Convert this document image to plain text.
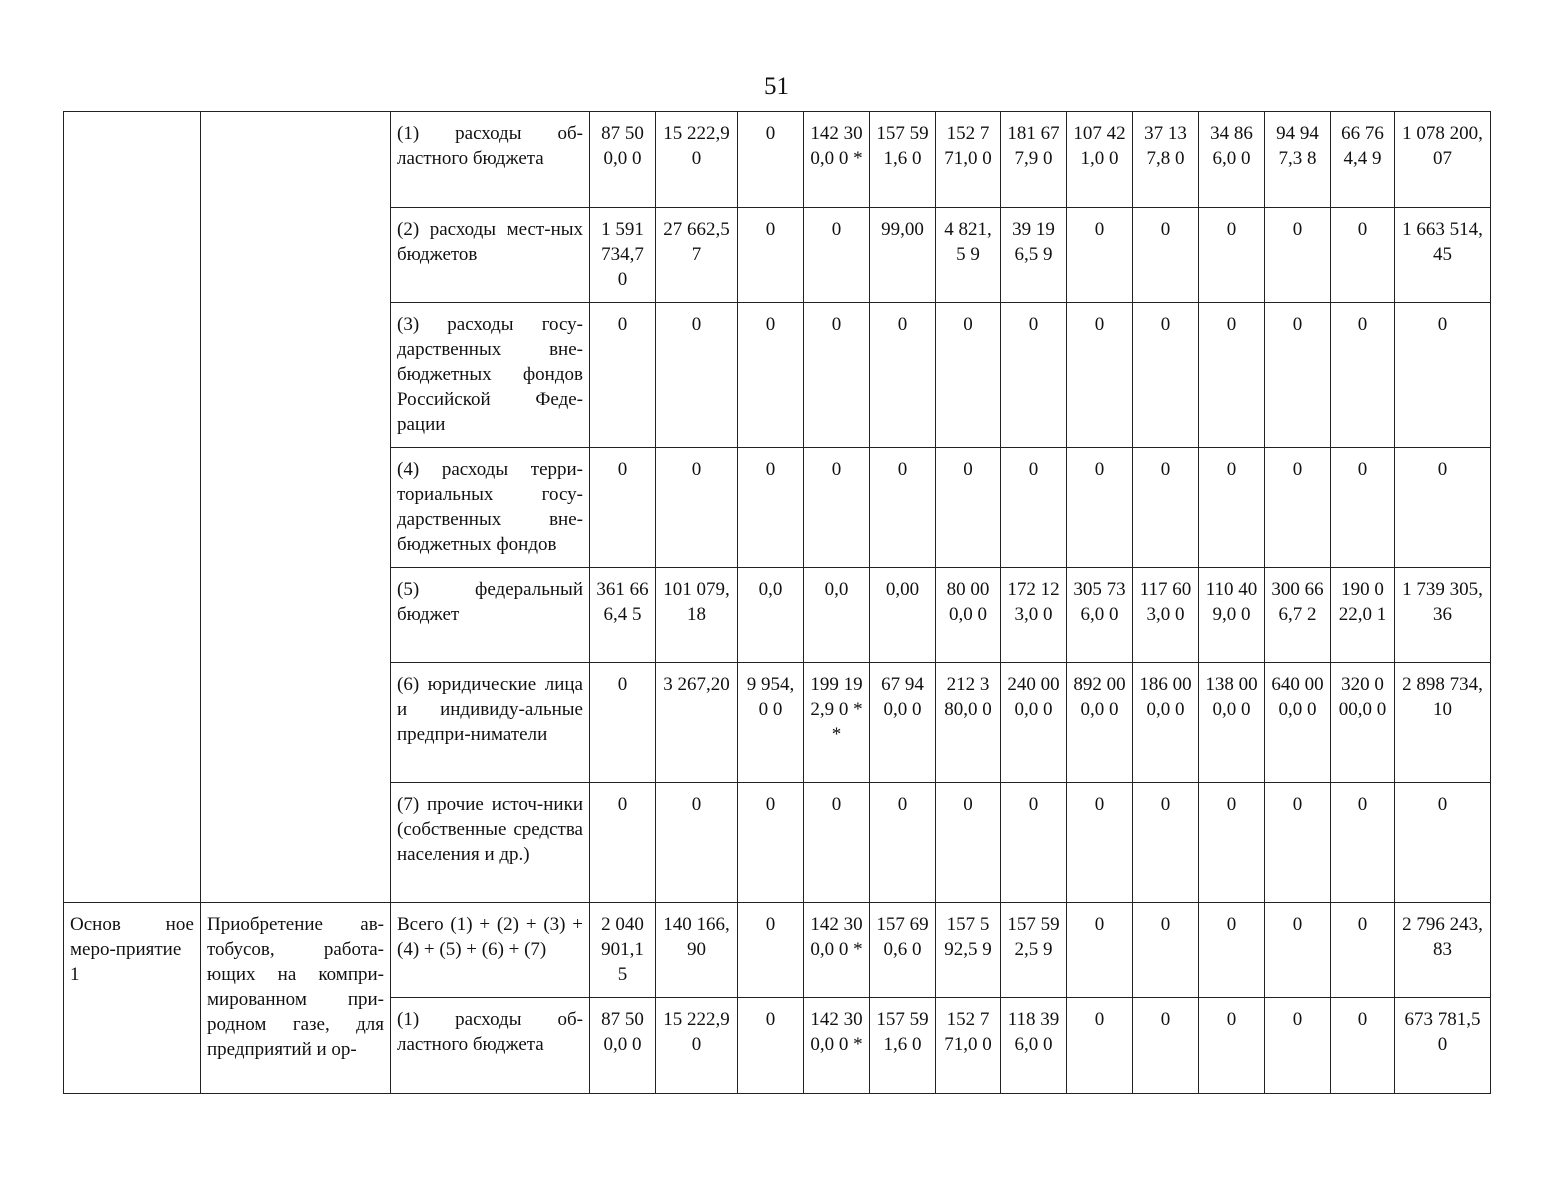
51
		(1) расходы об-ластного бюджета	87 500,0 0	15 222,90	0	142 300,0 0 *	157 591,6 0	152 771,0 0	181 677,9 0	107 421,0 0	37 137,8 0	34 866,0 0	94 947,3 8	66 764,4 9	1 078 200,07
		(2) расходы мест-ных бюджетов	1 591 734,7 0	27 662,57	0	0	99,00	4 821,5 9	39 196,5 9	0	0	0	0	0	1 663 514,45
		(3) расходы госу-дарственных вне-бюджетных фондов Российской Феде-рации	0	0	0	0	0	0	0	0	0	0	0	0	0
		(4) расходы терри-ториальных госу-дарственных вне-бюджетных фондов	0	0	0	0	0	0	0	0	0	0	0	0	0
		(5) федеральный бюджет	361 666,4 5	101 079,18	0,0	0,0	0,00	80 000,0 0	172 123,0 0	305 736,0 0	117 603,0 0	110 409,0 0	300 666,7 2	190 022,0 1	1 739 305,36
		(6) юридические лица и индивиду-альные предпри-ниматели	0	3 267,20	9 954,0 0	199 192,9 0 **	67 940,0 0	212 380,0 0	240 000,0 0	892 000,0 0	186 000,0 0	138 000,0 0	640 000,0 0	320 000,0 0	2 898 734,10
		(7) прочие источ-ники (собственные средства населения и др.)	0	0	0	0	0	0	0	0	0	0	0	0	0
Основ ное меро-приятие 1	Приобретение ав-тобусов, работа-ющих на компри-мированном при-родном газе, для предприятий и ор-	Всего (1) + (2) + (3) + (4) + (5) + (6) + (7)	2 040 901,1 5	140 166,90	0	142 300,0 0 *	157 690,6 0	157 592,5 9	157 592,5 9	0	0	0	0	0	2 796 243,83
		(1) расходы об-ластного бюджета	87 500,0 0	15 222,90	0	142 300,0 0 *	157 591,6 0	152 771,0 0	118 396,0 0	0	0	0	0	0	673 781,50
